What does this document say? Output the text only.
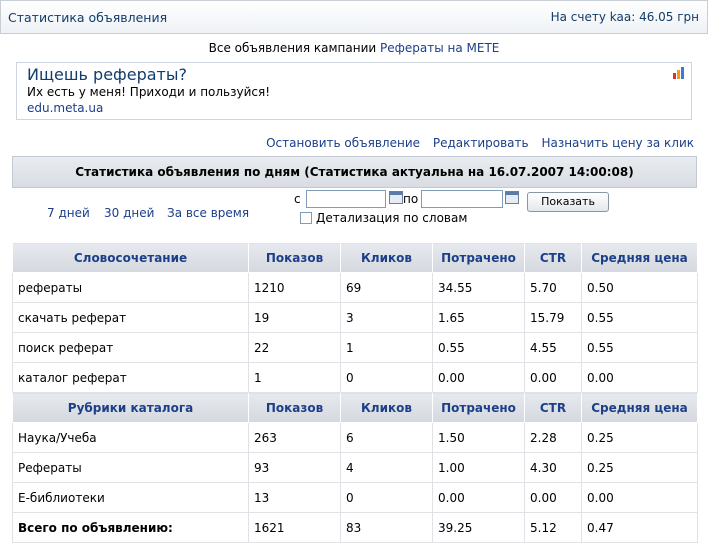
Статистика объявления	На счету kaa: 46.05 грн
Все объявления кампании Рефераты на МЕТЕ
Ищешь рефераты?
Их есть у меня! Приходи и пользуйся!
edu.meta.ua
Остановить объявление Редактировать Назначить цену за клик
Статистика объявления по дням (Статистика актуальна на 16.07.2007 14:00:08)
7 дней 30 дней За все время
с	по	Показать
Детализация по словам
Словосочетание	Показов	Кликов	Потрачено	CTR	Средняя цена
рефераты	1210	69	34.55	5.70	0.50
скачать реферат	19	3	1.65	15.79	0.55
поиск реферат	22	1	0.55	4.55	0.55
каталог реферат	1	0	0.00	0.00	0.00
Рубрики каталога	Показов	Кликов	Потрачено	CTR	Средняя цена
Наука/Учеба	263	6	1.50	2.28	0.25
Рефераты	93	4	1.00	4.30	0.25
Е-библиотеки	13	0	0.00	0.00	0.00
Всего по объявлению:	1621	83	39.25	5.12	0.47
